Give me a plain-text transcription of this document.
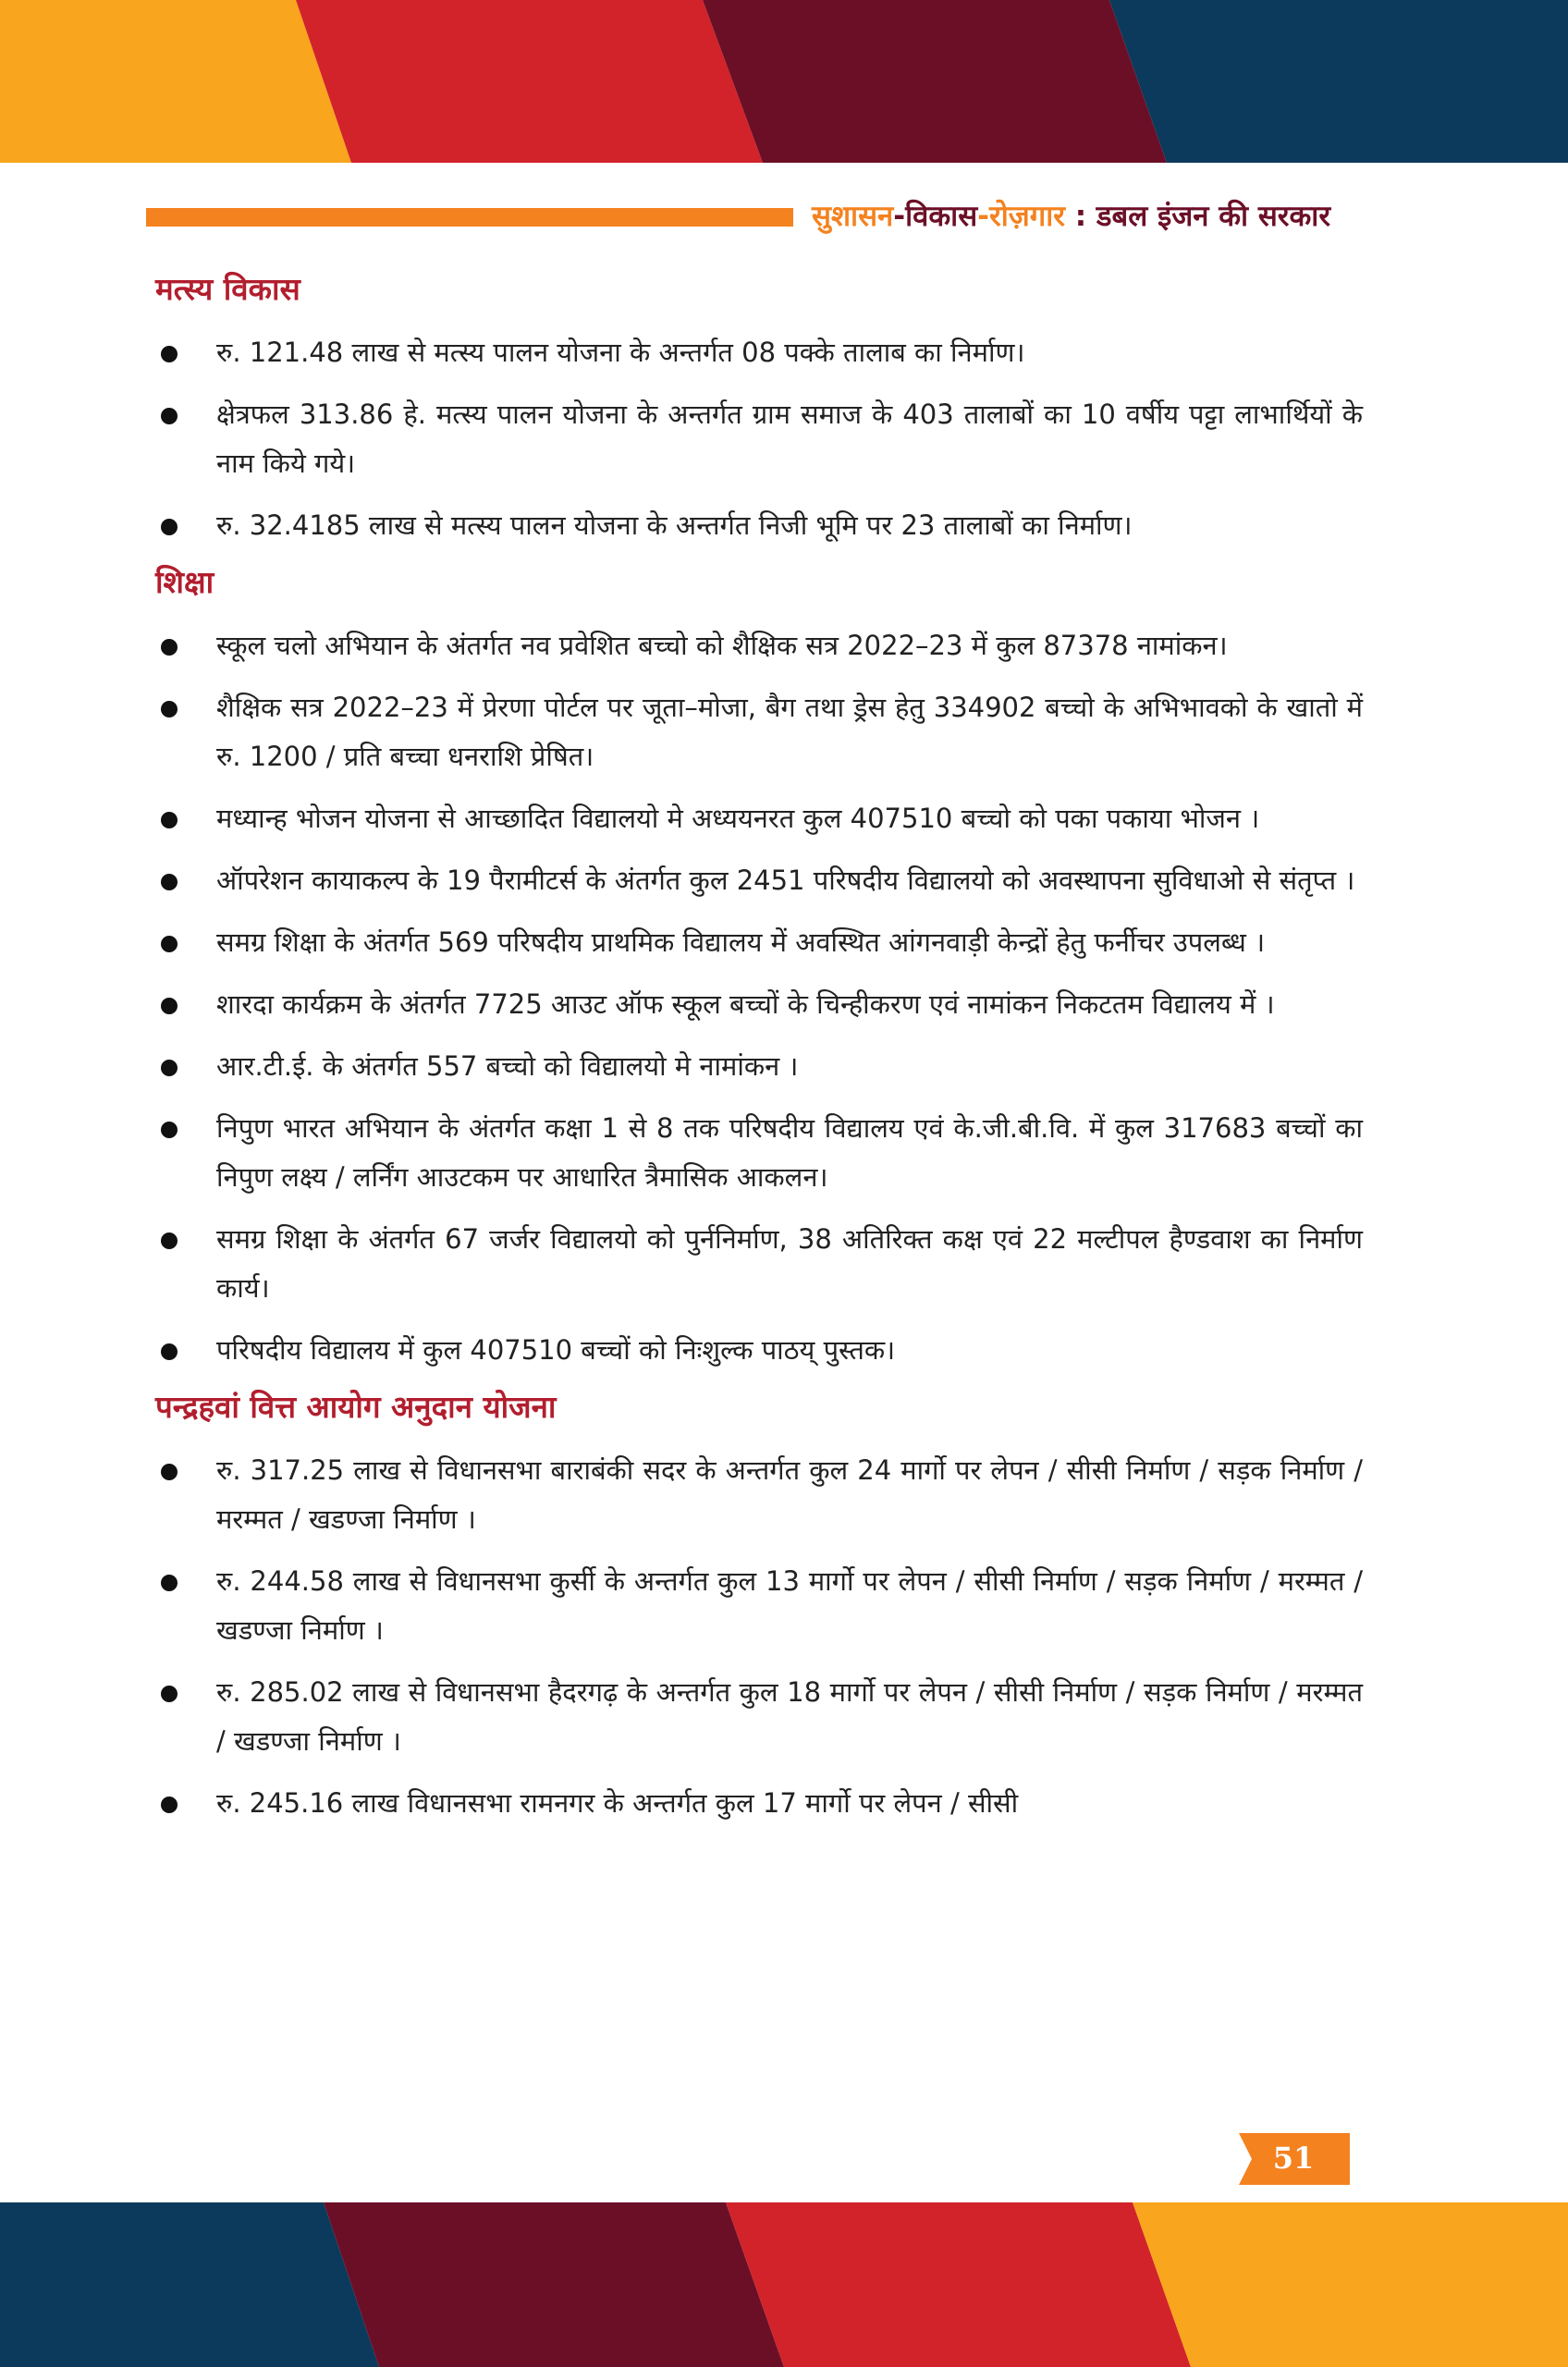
सुशासन-विकास-रोज़गार : डबल इंजन की सरकार
मत्स्य विकास
रु. 121.48 लाख से मत्स्य पालन योजना के अन्तर्गत 08 पक्के तालाब का निर्माण।
क्षेत्रफल 313.86 हे. मत्स्य पालन योजना के अन्तर्गत ग्राम समाज के 403 तालाबों का 10 वर्षीय पट्टा लाभार्थियों के नाम किये गये।
रु. 32.4185 लाख से मत्स्य पालन योजना के अन्तर्गत निजी भूमि पर 23 तालाबों का निर्माण।
शिक्षा
स्कूल चलो अभियान के अंतर्गत नव प्रवेशित बच्चो को शैक्षिक सत्र 2022–23 में कुल 87378 नामांकन।
शैक्षिक सत्र 2022–23 में प्रेरणा पोर्टल पर जूता–मोजा, बैग तथा ड्रेस हेतु 334902 बच्चो के अभिभावको के खातो में रु. 1200 / प्रति बच्चा धनराशि प्रेषित।
मध्यान्ह भोजन योजना से आच्छादित विद्यालयो मे अध्ययनरत कुल 407510 बच्चो को पका पकाया भोजन ।
ऑपरेशन कायाकल्प के 19 पैरामीटर्स के अंतर्गत कुल 2451 परिषदीय विद्यालयो को अवस्थापना सुविधाओ से संतृप्त ।
समग्र शिक्षा के अंतर्गत 569 परिषदीय प्राथमिक विद्यालय में अवस्थित आंगनवाड़ी केन्द्रों हेतु फर्नीचर उपलब्ध ।
शारदा कार्यक्रम के अंतर्गत 7725 आउट ऑफ स्कूल बच्चों के चिन्हीकरण एवं नामांकन निकटतम विद्यालय में ।
आर.टी.ई. के अंतर्गत 557 बच्चो को विद्यालयो मे नामांकन ।
निपुण भारत अभियान के अंतर्गत कक्षा 1 से 8 तक परिषदीय विद्यालय एवं के.जी.बी.वि. में कुल 317683 बच्चों का निपुण लक्ष्य / लर्निंग आउटकम पर आधारित त्रैमासिक आकलन।
समग्र शिक्षा के अंतर्गत 67 जर्जर विद्यालयो को पुर्ननिर्माण, 38 अतिरिक्त कक्ष एवं 22 मल्टीपल हैण्डवाश का निर्माण कार्य।
परिषदीय विद्यालय में कुल 407510 बच्चों को निःशुल्क पाठय् पुस्तक।
पन्द्रहवां वित्त आयोग अनुदान योजना
रु. 317.25 लाख से विधानसभा बाराबंकी सदर के अन्तर्गत कुल 24 मार्गो पर लेपन / सीसी निर्माण / सड़क निर्माण / मरम्मत / खडण्जा निर्माण ।
रु. 244.58 लाख से विधानसभा कुर्सी के अन्तर्गत कुल 13 मार्गो पर लेपन / सीसी निर्माण / सड़क निर्माण / मरम्मत / खडण्जा निर्माण ।
रु. 285.02 लाख से विधानसभा हैदरगढ़ के अन्तर्गत कुल 18 मार्गो पर लेपन / सीसी निर्माण / सड़क निर्माण / मरम्मत / खडण्जा निर्माण ।
रु. 245.16 लाख विधानसभा रामनगर के अन्तर्गत कुल 17 मार्गो पर लेपन / सीसी
51
